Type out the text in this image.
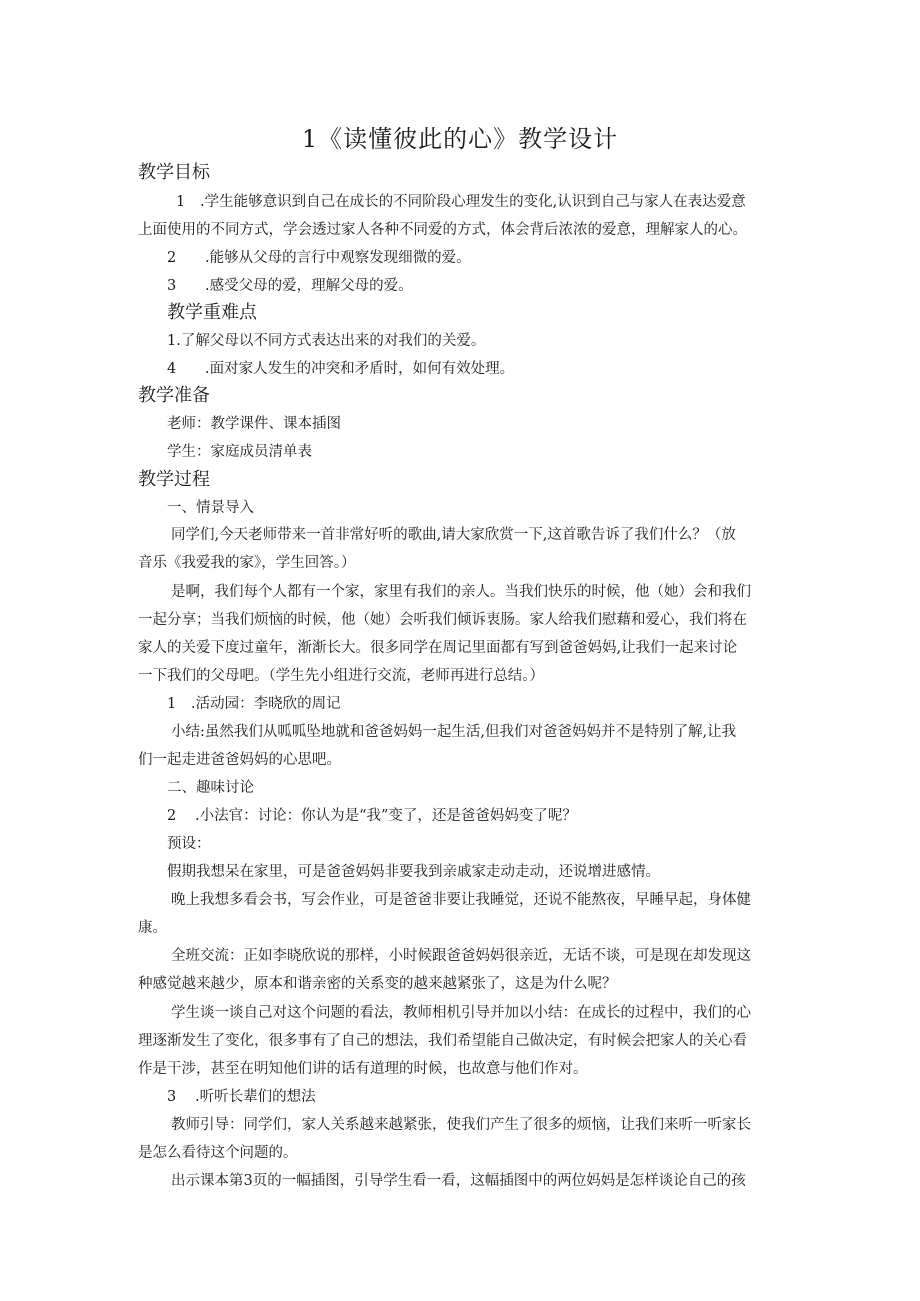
1《读懂彼此的心》教学设计
教学目标
1 .学生能够意识到自己在成长的不同阶段心理发生的变化,认识到自己与家人在表达爱意
上面使用的不同方式，学会透过家人各种不同爱的方式，体会背后浓浓的爱意，理解家人的心。
2 .能够从父母的言行中观察发现细微的爱。
3 .感受父母的爱，理解父母的爱。
教学重难点
1.了解父母以不同方式表达出来的对我们的关爱。
4 .面对家人发生的冲突和矛盾时，如何有效处理。
教学准备
老师：教学课件、课本插图
学生：家庭成员清单表
教学过程
一、情景导入
同学们,今天老师带来一首非常好听的歌曲,请大家欣赏一下,这首歌告诉了我们什么？（放
音乐《我爱我的家》，学生回答。）
是啊，我们每个人都有一个家，家里有我们的亲人。当我们快乐的时候，他（她）会和我们
一起分享；当我们烦恼的时候，他（她）会听我们倾诉衷肠。家人给我们慰藉和爱心，我们将在
家人的关爱下度过童年，渐渐长大。很多同学在周记里面都有写到爸爸妈妈,让我们一起来讨论
一下我们的父母吧。（学生先小组进行交流，老师再进行总结。）
1 .活动园：李晓欣的周记
小结:虽然我们从呱呱坠地就和爸爸妈妈一起生活,但我们对爸爸妈妈并不是特别了解,让我
们一起走进爸爸妈妈的心思吧。
二、趣味讨论
2 .小法官：讨论：你认为是“我”变了，还是爸爸妈妈变了呢？
预设：
假期我想呆在家里，可是爸爸妈妈非要我到亲戚家走动走动，还说增进感情。
晚上我想多看会书，写会作业，可是爸爸非要让我睡觉，还说不能熬夜，早睡早起，身体健
康。
全班交流：正如李晓欣说的那样，小时候跟爸爸妈妈很亲近，无话不谈，可是现在却发现这
种感觉越来越少，原本和谐亲密的关系变的越来越紧张了，这是为什么呢？
学生谈一谈自己对这个问题的看法，教师相机引导并加以小结：在成长的过程中，我们的心
理逐渐发生了变化，很多事有了自己的想法，我们希望能自己做决定，有时候会把家人的关心看
作是干涉，甚至在明知他们讲的话有道理的时候，也故意与他们作对。
3 .听听长辈们的想法
教师引导：同学们，家人关系越来越紧张，使我们产生了很多的烦恼，让我们来听一听家长
是怎么看待这个问题的。
出示课本第3页的一幅插图，引导学生看一看，这幅插图中的两位妈妈是怎样谈论自己的孩
